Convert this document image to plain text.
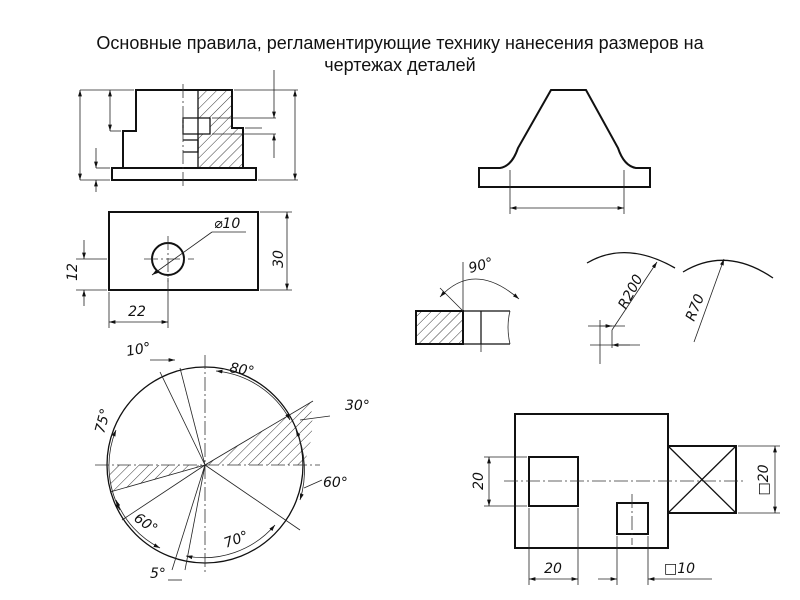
Основные правила, регламентирующие технику нанесения размеров на
чертежах деталей
⌀10
30
12
22
90°
R200	R70
10°
80°
30°
75°
60°
60°
70°
5°
20
20	□10
□20
